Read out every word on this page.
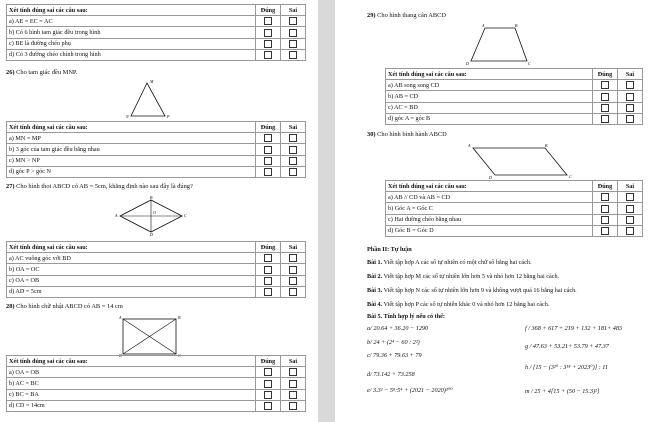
Xét tính đúng sai các câu sau:	Đúng	Sai
a) AE = EC = AC		
b) Có 6 hình tam giác đều trong hình		
c) BE là đường chéo phụ		
d) Có 3 đường chéo chính trong hình		
26) Cho tam giác đều MNP.
M
N	P
Xét tính đúng sai các câu sau:	Đúng	Sai
a) MN = MP		
b) 3 góc của tam giác đều bằng nhau		
c) MN > NP		
d) góc P > góc N		
27) Cho hình thoi ABCD có AB = 5cm, khẳng định nào sau đây là đúng?
A
B
C
D
O
Xét tính đúng sai các câu sau:	Đúng	Sai
a) AC vuông góc với BD		
b) OA = OC		
c) OA = OB		
d) AD = 5cm		
28) Cho hình chữ nhật ABCD có AB = 14 cm
A	B
C
D
Xét tính đúng sai các câu sau:	Đúng	Sai
a) OA = OB		
b) AC = BC		
c) BC = BA		
d) CD = 14cm		
29) Cho hình thang cân ABCD
A	B
C
D
Xét tính đúng sai các câu sau:	Đúng	Sai
a) AB song song CD		
b) AB = CD		
c) AC = BD		
d) góc A = góc B		
30) Cho hình bình hành ABCD
A	B
C
D
Xét tính đúng sai các câu sau:	Đúng	Sai
a) AB // CD và AB = CD		
b) Góc A = Góc C		
c) Hai đường chéo bằng nhau		
d) Góc B = Góc D		
Phần II: Tự luận
Bài 1. Viết tập hợp A các số tự nhiên có một chữ số bằng hai cách.
Bài 2. Viết tập hợp M các số tự nhiên lớn hơn 5 và nhỏ hơn 12 bằng hai cách.
Bài 3. Viết tập hợp N các số tự nhiên lớn hơn 9 và không vượt quá 16 bằng hai cách.
Bài 4. Viết tập hợp P các số tự nhiên khác 0 và nhỏ hơn 12 bằng hai cách.
Bài 5. Tính hợp lý nếu có thể:
a/ 20.64 + 36.20 − 1290
b/ 24 + (2⁴ − 60 : 2²)
c/ 79.36 + 79.63 + 79
d/ 73.142 + 73.258
e/ 3.3² − 5⁸:5⁴ + (2021 − 2020)²⁰⁰
f / 368 + 617 + 219 + 132 + 181+ 483
g / 47.63 + 53.21+ 53.79 + 47.37
h / [15 − (3²⁰ : 3¹⁸ + 2023⁰)] : 11
m / 25 + 4[15 + (50 − 15.3)²]
